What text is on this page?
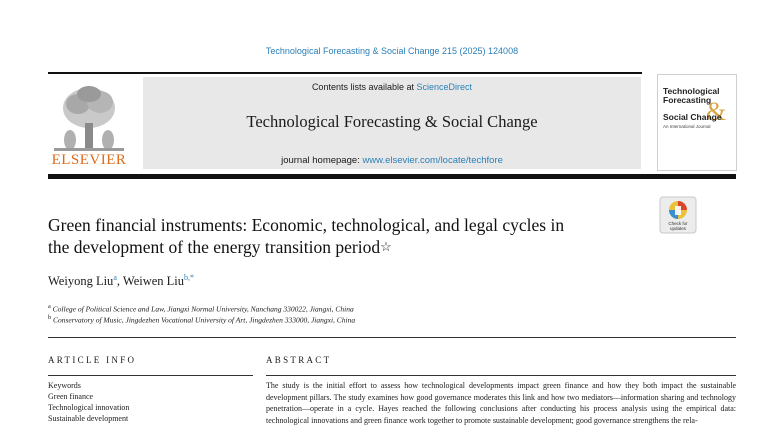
Technological Forecasting & Social Change 215 (2025) 124008
ELSEVIER
Contents lists available at ScienceDirect
Technological Forecasting & Social Change
journal homepage: www.elsevier.com/locate/techfore
Technological
Forecasting
&
Social Change
An International Journal
Green financial instruments: Economic, technological, and legal cycles in
the development of the energy transition period☆
Check for
updates
Weiyong Liu$^a$, Weiwen Liu$^{b,*}$
$^a$ College of Political Science and Law, Jiangxi Normal University, Nanchang 330022, Jiangxi, China
$^b$ Conservatory of Music, Jingdezhen Vocational University of Art, Jingdezhen 333000, Jiangxi, China
ARTICLE INFO	ABSTRACT
Keywords
Green finance
Technological innovation
Sustainable development
The study is the initial effort to assess how technological developments impact green finance and how they both impact the sustainable development pillars. The study examines how good governance moderates this link and how two mediators—information sharing and technology penetration—operate in a cycle. Hayes reached the following conclusions after conducting his process analysis using the empirical data: technological innovations and green finance work together to promote sustainable development; good governance strengthens the rela-
